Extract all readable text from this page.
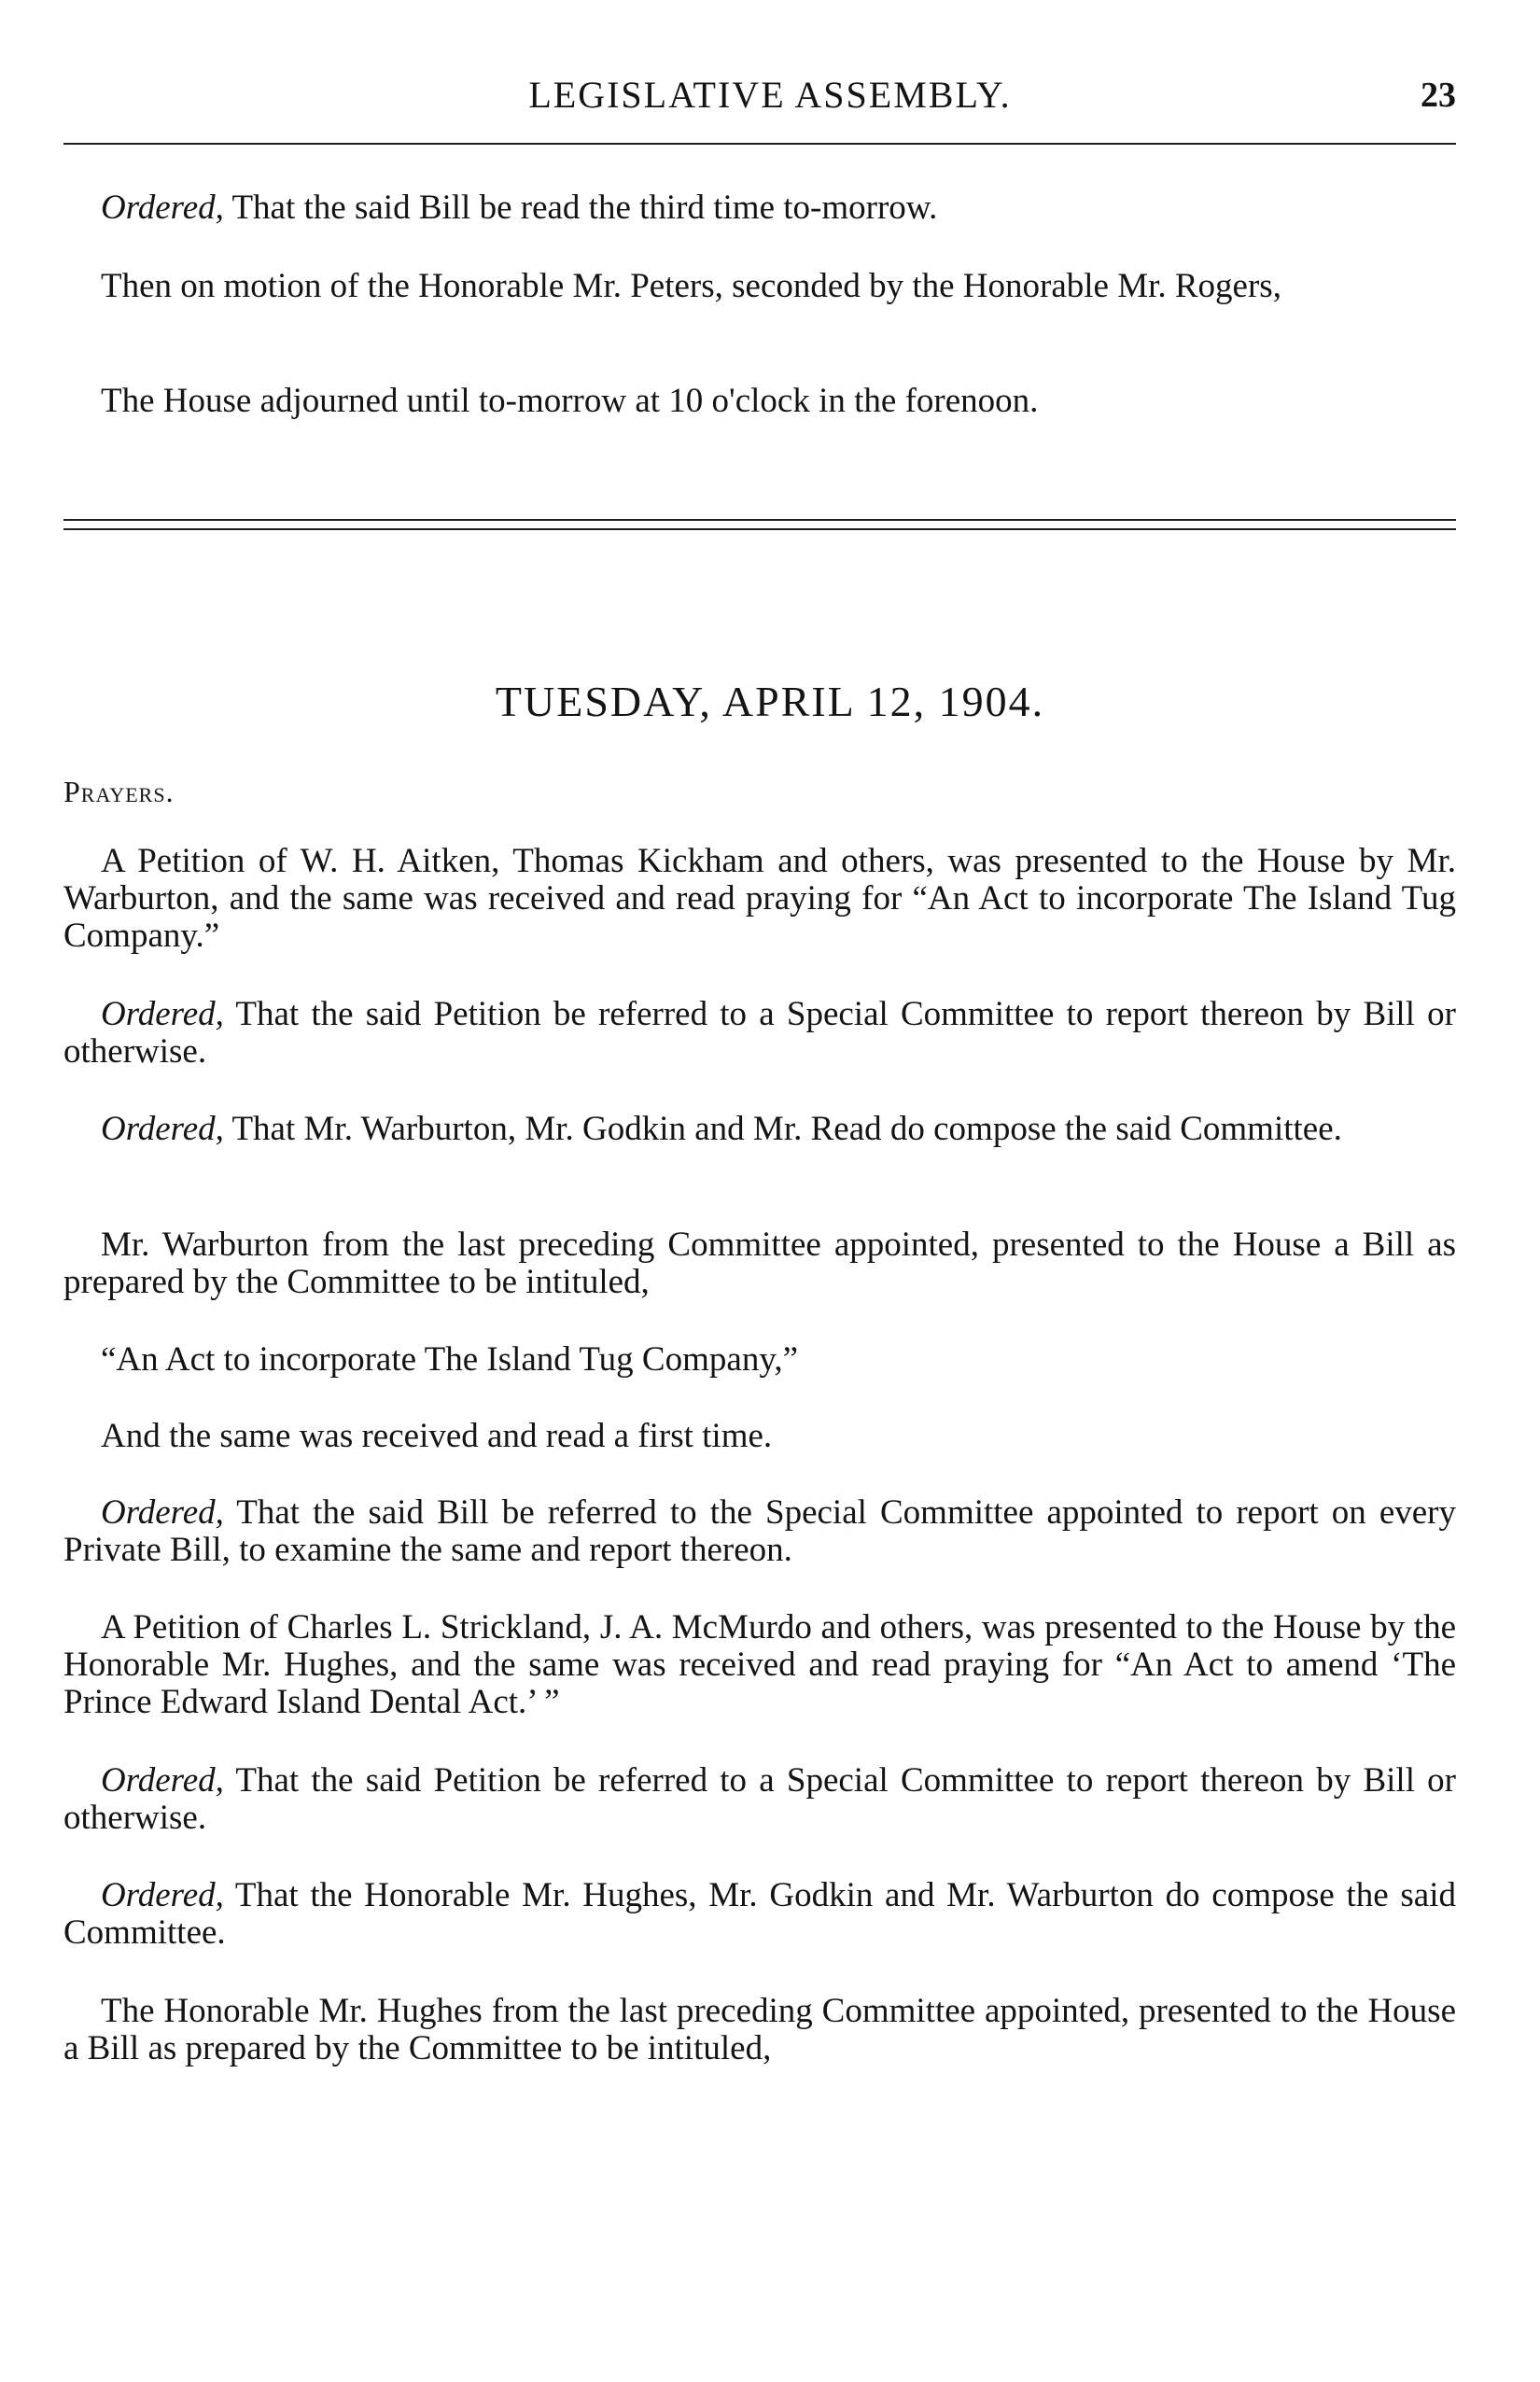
LEGISLATIVE ASSEMBLY.	23

Ordered, That the said Bill be read the third time to-morrow.

Then on motion of the Honorable Mr. Peters, seconded by the Honorable Mr. Rogers,

The House adjourned until to-morrow at 10 o'clock in the forenoon.

TUESDAY, APRIL 12, 1904.
Prayers.

A Petition of W. H. Aitken, Thomas Kickham and others, was presented to the House by Mr. Warburton, and the same was received and read praying for “An Act to incorporate The Island Tug Company.”

Ordered, That the said Petition be referred to a Special Committee to report thereon by Bill or otherwise.

Ordered, That Mr. Warburton, Mr. Godkin and Mr. Read do compose the said Committee.

Mr. Warburton from the last preceding Committee appointed, presented to the House a Bill as prepared by the Committee to be intituled,

“An Act to incorporate The Island Tug Company,”

And the same was received and read a first time.

Ordered, That the said Bill be referred to the Special Committee appointed to report on every Private Bill, to examine the same and report thereon.

A Petition of Charles L. Strickland, J. A. McMurdo and others, was presented to the House by the Honorable Mr. Hughes, and the same was received and read praying for “An Act to amend ‘The Prince Edward Island Dental Act.’ ”

Ordered, That the said Petition be referred to a Special Committee to report thereon by Bill or otherwise.

Ordered, That the Honorable Mr. Hughes, Mr. Godkin and Mr. Warburton do compose the said Committee.

The Honorable Mr. Hughes from the last preceding Committee appointed, presented to the House a Bill as prepared by the Committee to be intituled,
